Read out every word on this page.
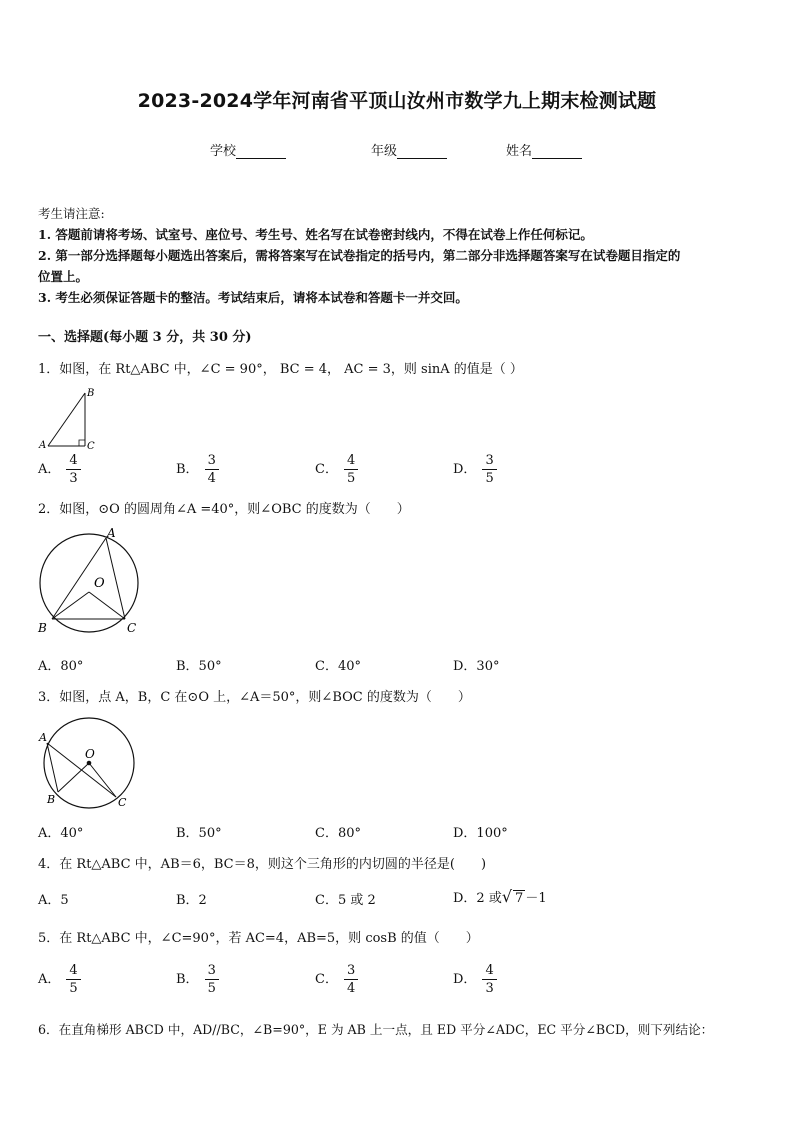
2023-2024学年河南省平顶山汝州市数学九上期末检测试题
学校	年级	姓名
考生请注意:
1. 答题前请将考场、试室号、座位号、考生号、姓名写在试卷密封线内，不得在试卷上作任何标记。
2. 第一部分选择题每小题选出答案后，需将答案写在试卷指定的括号内，第二部分非选择题答案写在试卷题目指定的
位置上。
3. 考生必须保证答题卡的整洁。考试结束后，请将本试卷和答题卡一并交回。
一、选择题(每小题 3 分，共 30 分)
1．如图，在 Rt△ABC 中，∠C = 90°， BC = 4， AC = 3，则 sinA 的值是（ ）
A
B
C
A． $\frac{4}{3}$	B． $\frac{3}{4}$	C． $\frac{4}{5}$	D． $\frac{3}{5}$
2．如图，⊙O 的圆周角∠A =40°，则∠OBC 的度数为（　　）
A
O
B	C
A．80°	B．50°	C．40°	D．30°
3．如图，点 A，B，C 在⊙O 上，∠A＝50°，则∠BOC 的度数为（　　）
A
O
B	C
A．40°	B．50°	C．80°	D．100°
4．在 Rt△ABC 中，AB＝6，BC＝8，则这个三角形的内切圆的半径是(　　)
A．5	B．2	C．5 或 2	D．2 或√ 7 －1
5．在 Rt△ABC 中，∠C=90°，若 AC=4，AB=5，则 cosB 的值（　　）
A． $\frac{4}{5}$	B． $\frac{3}{5}$	C． $\frac{3}{4}$	D． $\frac{4}{3}$
6．在直角梯形 ABCD 中，AD//BC，∠B=90°，E 为 AB 上一点，且 ED 平分∠ADC，EC 平分∠BCD，则下列结论：
